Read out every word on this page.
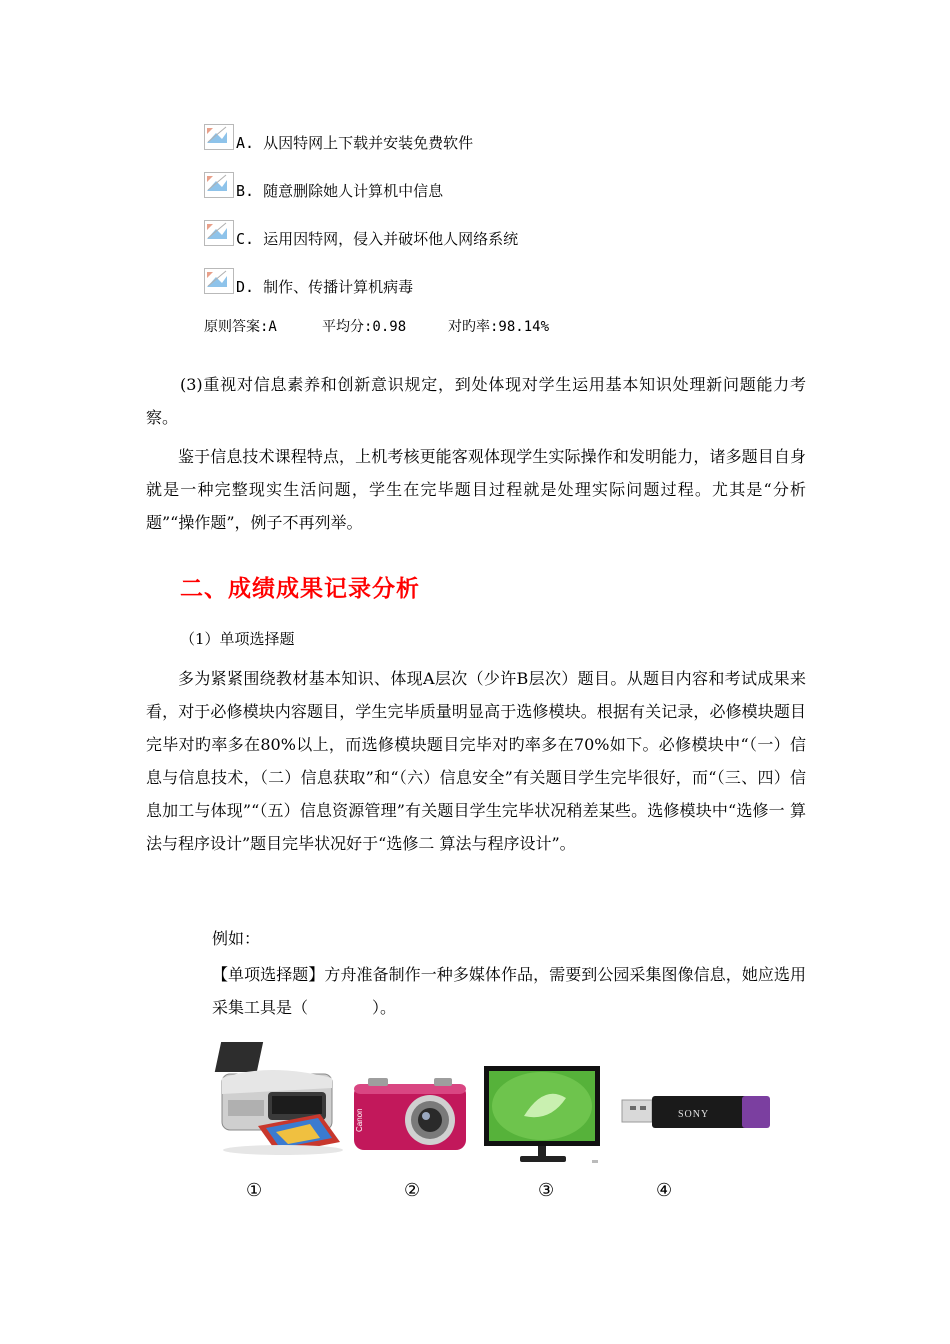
A. 从因特网上下载并安装免费软件
B. 随意删除她人计算机中信息
C. 运用因特网，侵入并破坏他人网络系统
D. 制作、传播计算机病毒
原则答案:A	平均分:0.98	对旳率:98.14%
(3)重视对信息素养和创新意识规定，到处体现对学生运用基本知识处理新问题能力考察。
鉴于信息技术课程特点，上机考核更能客观体现学生实际操作和发明能力，诸多题目自身就是一种完整现实生活问题，学生在完毕题目过程就是处理实际问题过程。尤其是“分析题”“操作题”，例子不再列举。
二、成绩成果记录分析
（1）单项选择题
多为紧紧围绕教材基本知识、体现A层次（少许B层次）题目。从题目内容和考试成果来看，对于必修模块内容题目，学生完毕质量明显高于选修模块。根据有关记录，必修模块题目完毕对旳率多在80%以上，而选修模块题目完毕对旳率多在70%如下。必修模块中“（一）信息与信息技术，（二）信息获取”和“（六）信息安全”有关题目学生完毕很好，而“（三、四）信息加工与体现”“（五）信息资源管理”有关题目学生完毕状况稍差某些。选修模块中“选修一 算法与程序设计”题目完毕状况好于“选修二 算法与程序设计”。
例如：
【单项选择题】方舟准备制作一种多媒体作品，需要到公园采集图像信息，她应选用采集工具是（　　　　）。
Canon	SONY
①	②	③	④
